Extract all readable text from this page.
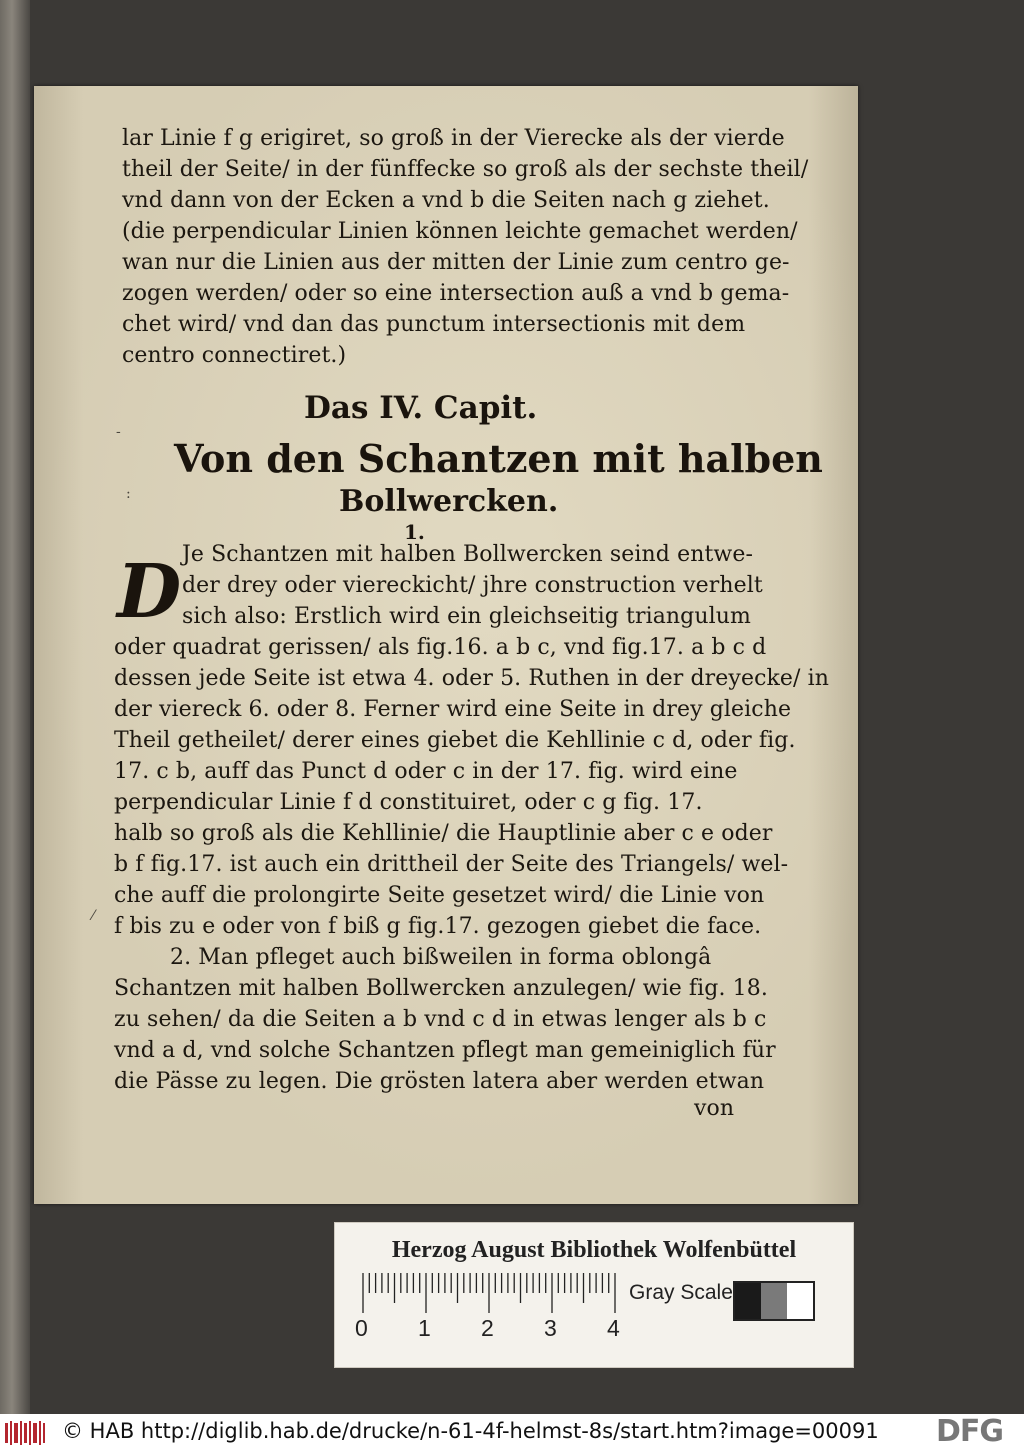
lar Linie f g erigiret, so groß in der Vierecke als der vierde
theil der Seite/ in der fünffecke so groß als der sechste theil/
vnd dann von der Ecken a vnd b die Seiten nach g ziehet.
(die perpendicular Linien können leichte gemachet werden/
wan nur die Linien aus der mitten der Linie zum centro ge-
zogen werden/ oder so eine intersection auß a vnd b gema-
chet wird/ vnd dan das punctum intersectionis mit dem
centro connectiret.)
Das IV. Capit.
Von den Schantzen mit halben
Bollwercken.
1.
D Je Schantzen mit halben Bollwercken seind entwe-
der drey oder viereckicht/ jhre construction verhelt
sich also: Erstlich wird ein gleichseitig triangulum
oder quadrat gerissen/ als fig.16. a b c, vnd fig.17. a b c d
dessen jede Seite ist etwa 4. oder 5. Ruthen in der dreyecke/ in
der viereck 6. oder 8. Ferner wird eine Seite in drey gleiche
Theil getheilet/ derer eines giebet die Kehllinie c d, oder fig.
17. c b, auff das Punct d oder c in der 17. fig. wird eine
perpendicular Linie f d constituiret, oder c g fig. 17.
halb so groß als die Kehllinie/ die Hauptlinie aber c e oder
b f fig.17. ist auch ein drittheil der Seite des Triangels/ wel-
che auff die prolongirte Seite gesetzet wird/ die Linie von
f bis zu e oder von f biß g fig.17. gezogen giebet die face.
2. Man pfleget auch bißweilen in forma oblongâ
Schantzen mit halben Bollwercken anzulegen/ wie fig. 18.
zu sehen/ da die Seiten a b vnd c d in etwas lenger als b c
vnd a d, vnd solche Schantzen pflegt man gemeiniglich für
die Pässe zu legen. Die grösten latera aber werden etwan
von
-
:
⁄
Herzog August Bibliothek Wolfenbüttel
0 1 2 3 4
Gray Scale
© HAB http://diglib.hab.de/drucke/n-61-4f-helmst-8s/start.htm?image=00091 DFG
